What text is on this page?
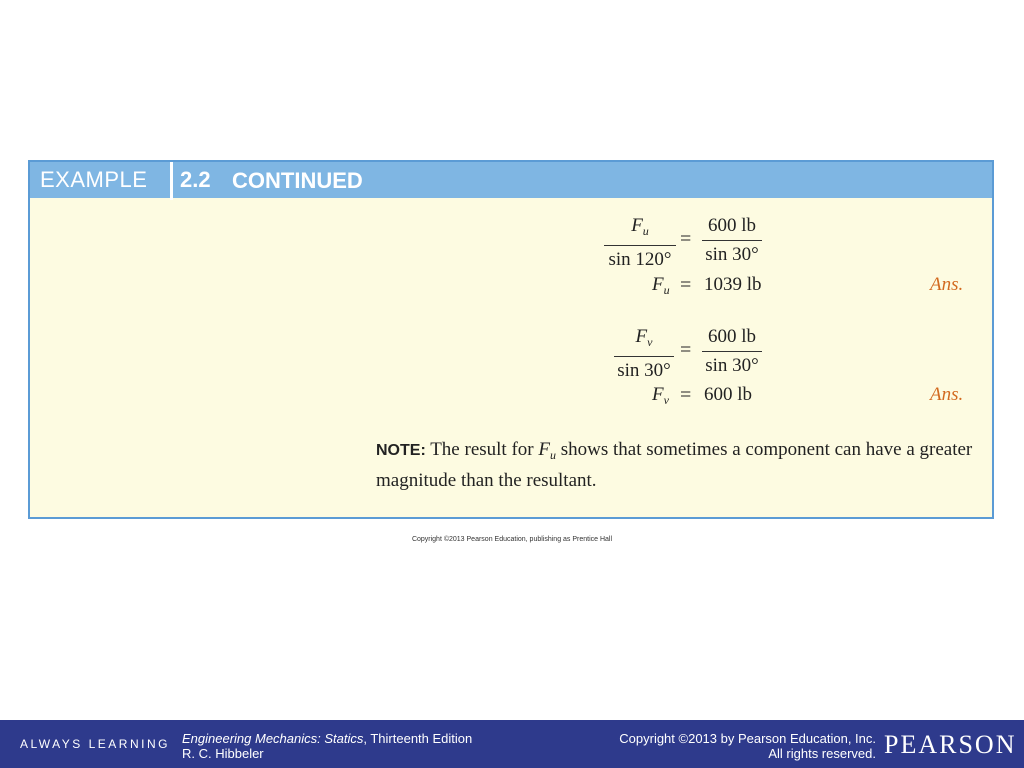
EXAMPLE	2.2 CONTINUED
$F_u$
sin 120°
=
600 lb
sin 30°
$F_u = 1039$ lb	Ans.
$F_v$
sin 30°
=
600 lb
sin 30°
$F_v = 600$ lb	Ans.
NOTE: The result for $F_u$ shows that sometimes a component can have a greater magnitude than the resultant.
Copyright ©2013 Pearson Education, publishing as Prentice Hall
ALWAYS LEARNING Engineering Mechanics: Statics, Thirteenth Edition
R. C. Hibbeler
Copyright ©2013 by Pearson Education, Inc.
All rights reserved. PEARSON
